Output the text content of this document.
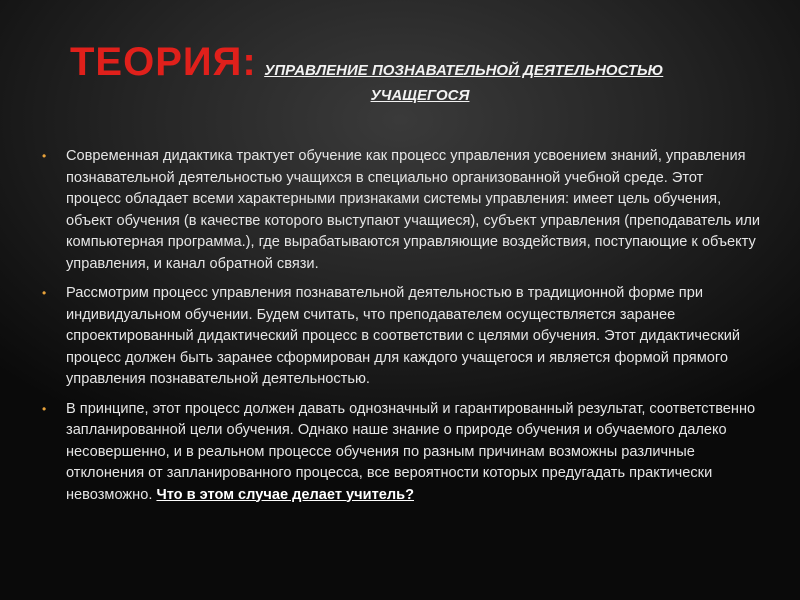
ТЕОРИЯ: УПРАВЛЕНИЕ ПОЗНАВАТЕЛЬНОЙ ДЕЯТЕЛЬНОСТЬЮ
УЧАЩЕГОСЯ
• Современная дидактика трактует обучение как процесс управления усвоением знаний, управления познавательной деятельностью учащихся в специально организованной учебной среде. Этот процесс обладает всеми характерными признаками системы управления: имеет цель обучения, объект обучения (в качестве которого выступают учащиеся), субъект управления (преподаватель или компьютерная программа.), где вырабатываются управляющие воздействия, поступающие к объекту управления, и канал обратной связи.
• Рассмотрим процесс управления познавательной деятельностью в традиционной форме при индивидуальном обучении. Будем считать, что преподавателем осуществляется заранее спроектированный дидактический процесс в соответствии с целями обучения. Этот дидактический процесс должен быть заранее сформирован для каждого учащегося и является формой прямого управления познавательной деятельностью.
• В принципе, этот процесс должен давать однозначный и гарантированный результат, соответственно запланированной цели обучения. Однако наше знание о природе обучения и обучаемого далеко несовершенно, и в реальном процессе обучения по разным причинам возможны различные отклонения от запланированного процесса, все вероятности которых предугадать практически невозможно. Что в этом случае делает учитель?
